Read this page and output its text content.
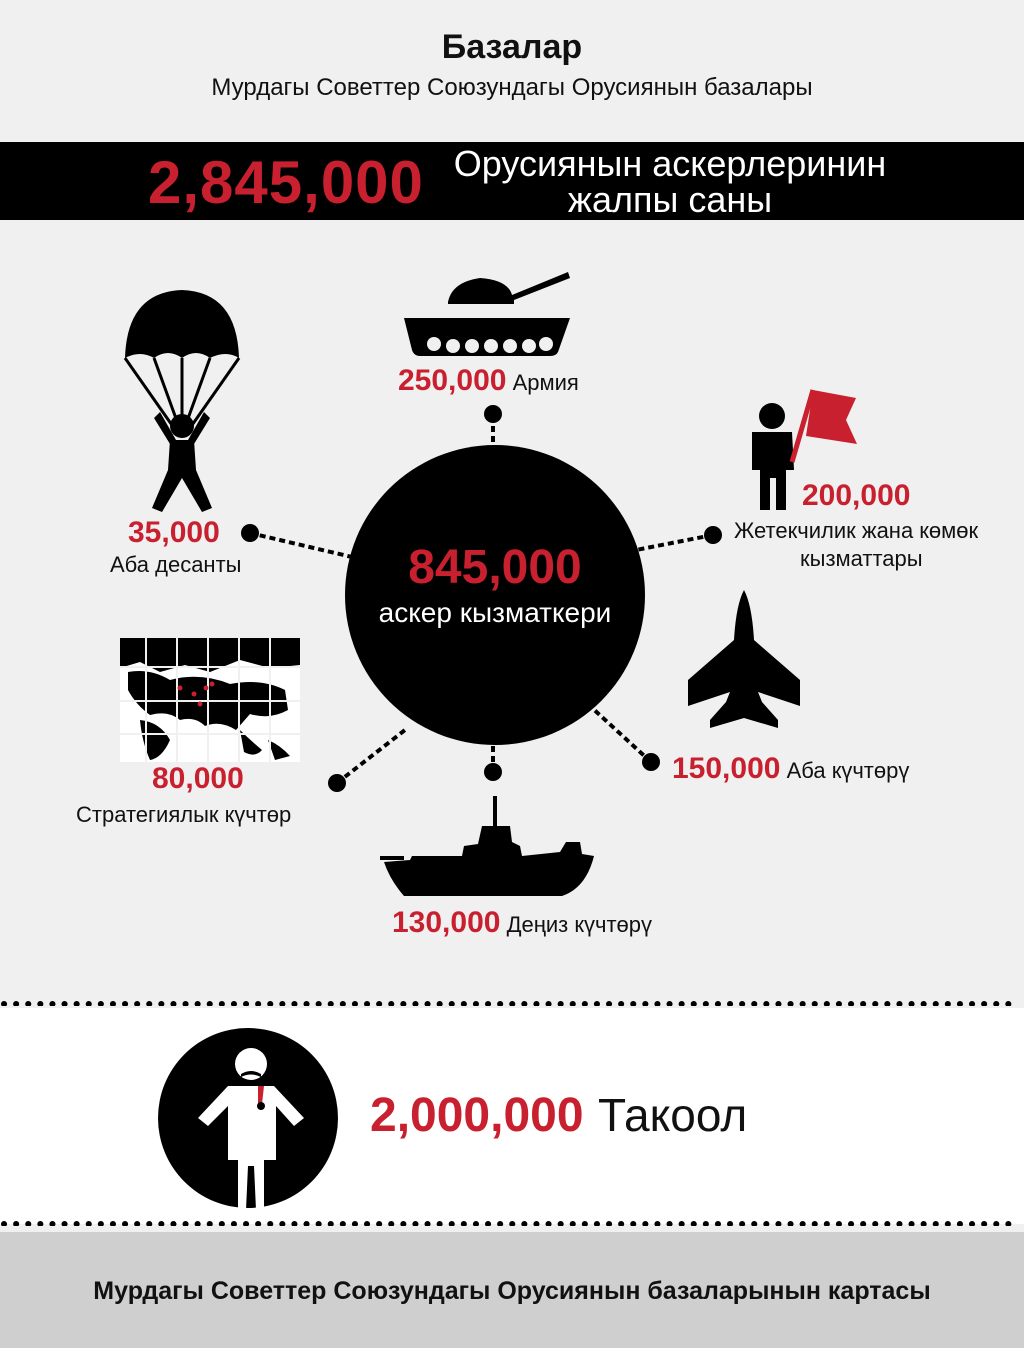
Базалар
Мурдагы Советтер Союзундагы Орусиянын базалары
2,845,000 Орусиянын аскерлеринин
жалпы саны
845,000
аскер кызматкери
250,000 Армия
35,000
Аба десанты
200,000
Жетекчилик жана көмөк
кызматтары
80,000
Стратегиялык күчтөр
150,000 Аба күчтөрү
130,000 Деңиз күчтөрү
2,000,000 Такоол
Мурдагы Советтер Союзундагы Орусиянын базаларынын картасы
